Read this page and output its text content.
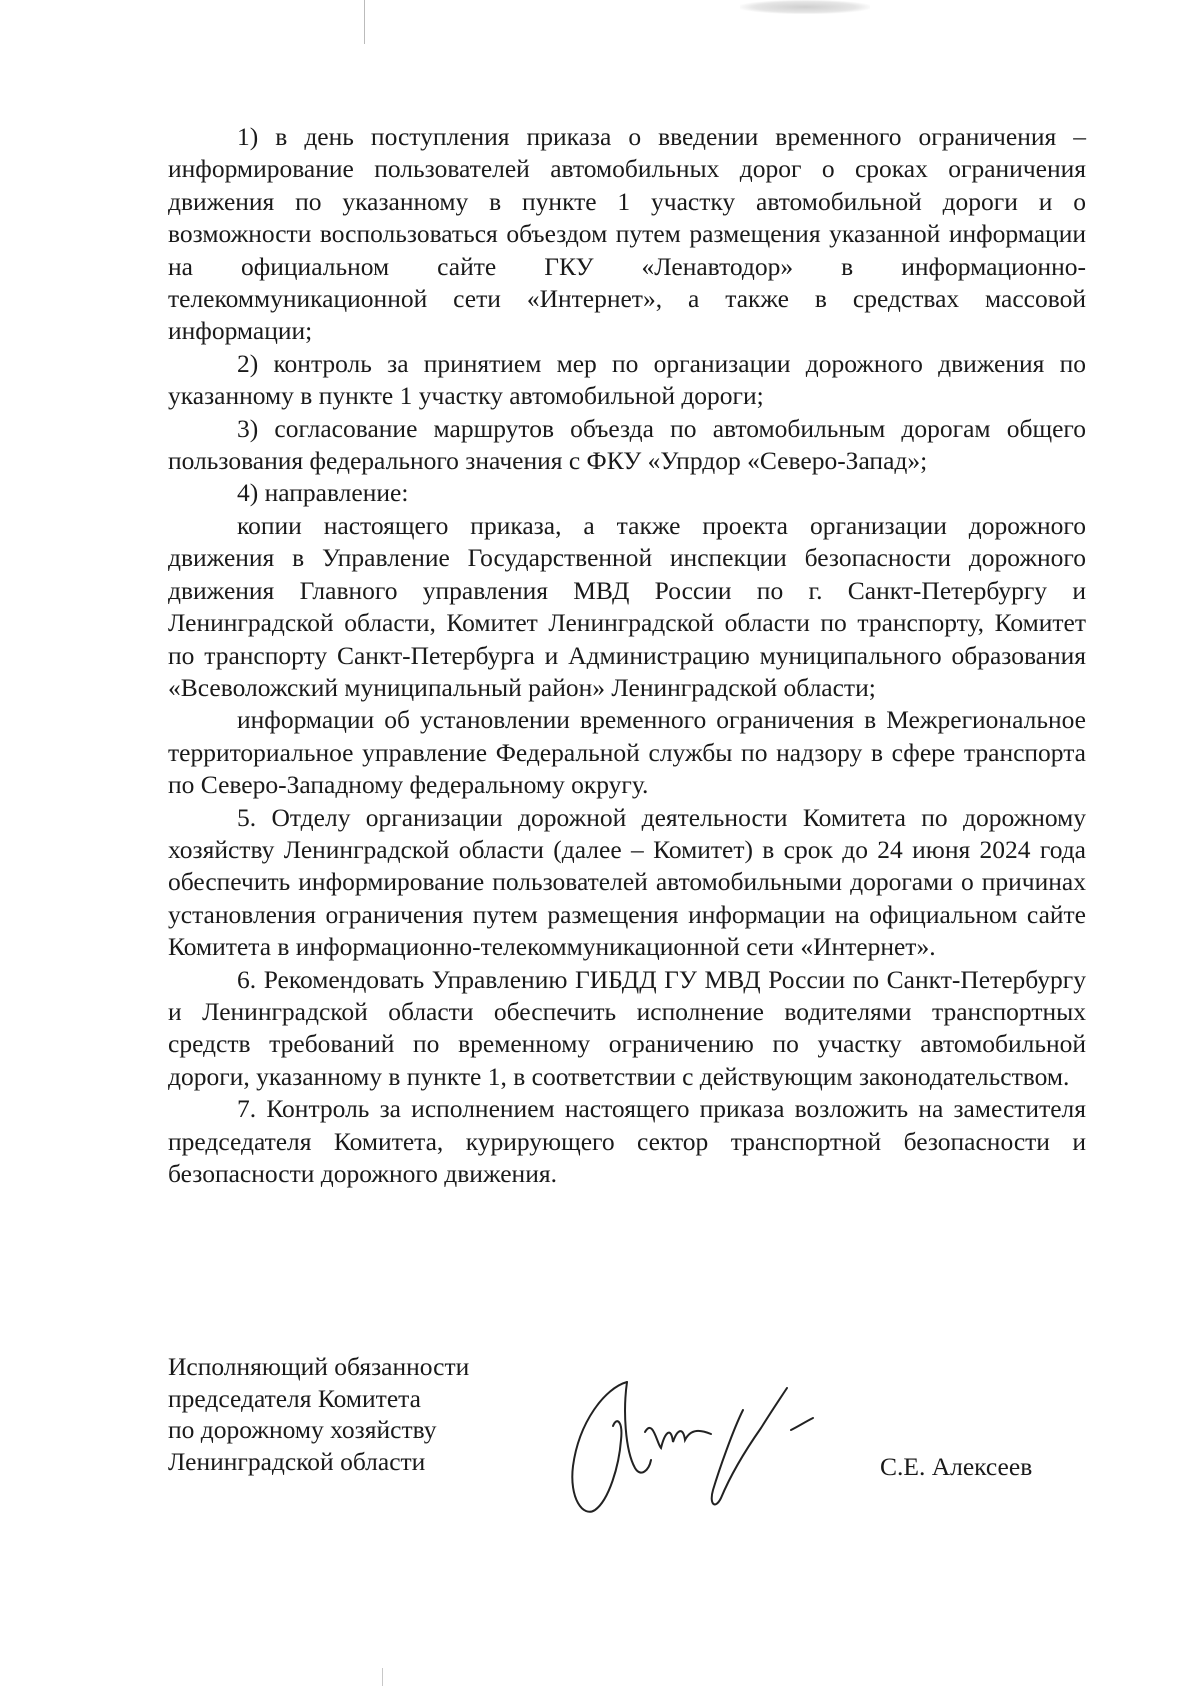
1) в день поступления приказа о введении временного ограничения – информирование пользователей автомобильных дорог о сроках ограничения движения по указанному в пункте 1 участку автомобильной дороги и о возможности воспользоваться объездом путем размещения указанной информации на официальном сайте ГКУ «Ленавтодор» в информационно-телекоммуникационной сети «Интернет», а также в средствах массовой информации;

2) контроль за принятием мер по организации дорожного движения по указанному в пункте 1 участку автомобильной дороги;

3) согласование маршрутов объезда по автомобильным дорогам общего пользования федерального значения с ФКУ «Упрдор «Северо-Запад»;

4) направление:

копии настоящего приказа, а также проекта организации дорожного движения в Управление Государственной инспекции безопасности дорожного движения Главного управления МВД России по г. Санкт-Петербургу и Ленинградской области, Комитет Ленинградской области по транспорту, Комитет по транспорту Санкт-Петербурга и Администрацию муниципального образования «Всеволожский муниципальный район» Ленинградской области;

информации об установлении временного ограничения в Межрегиональное территориальное управление Федеральной службы по надзору в сфере транспорта по Северо-Западному федеральному округу.

5. Отделу организации дорожной деятельности Комитета по дорожному хозяйству Ленинградской области (далее – Комитет) в срок до 24 июня 2024 года обеспечить информирование пользователей автомобильными дорогами о причинах установления ограничения путем размещения информации на официальном сайте Комитета в информационно-телекоммуникационной сети «Интернет».

6. Рекомендовать Управлению ГИБДД ГУ МВД России по Санкт-Петербургу и Ленинградской области обеспечить исполнение водителями транспортных средств требований по временному ограничению по участку автомобильной дороги, указанному в пункте 1, в соответствии с действующим законодательством.

7. Контроль за исполнением настоящего приказа возложить на заместителя председателя Комитета, курирующего сектор транспортной безопасности и безопасности дорожного движения.

Исполняющий обязанности
председателя Комитета
по дорожному хозяйству
Ленинградской области	С.Е. Алексеев
